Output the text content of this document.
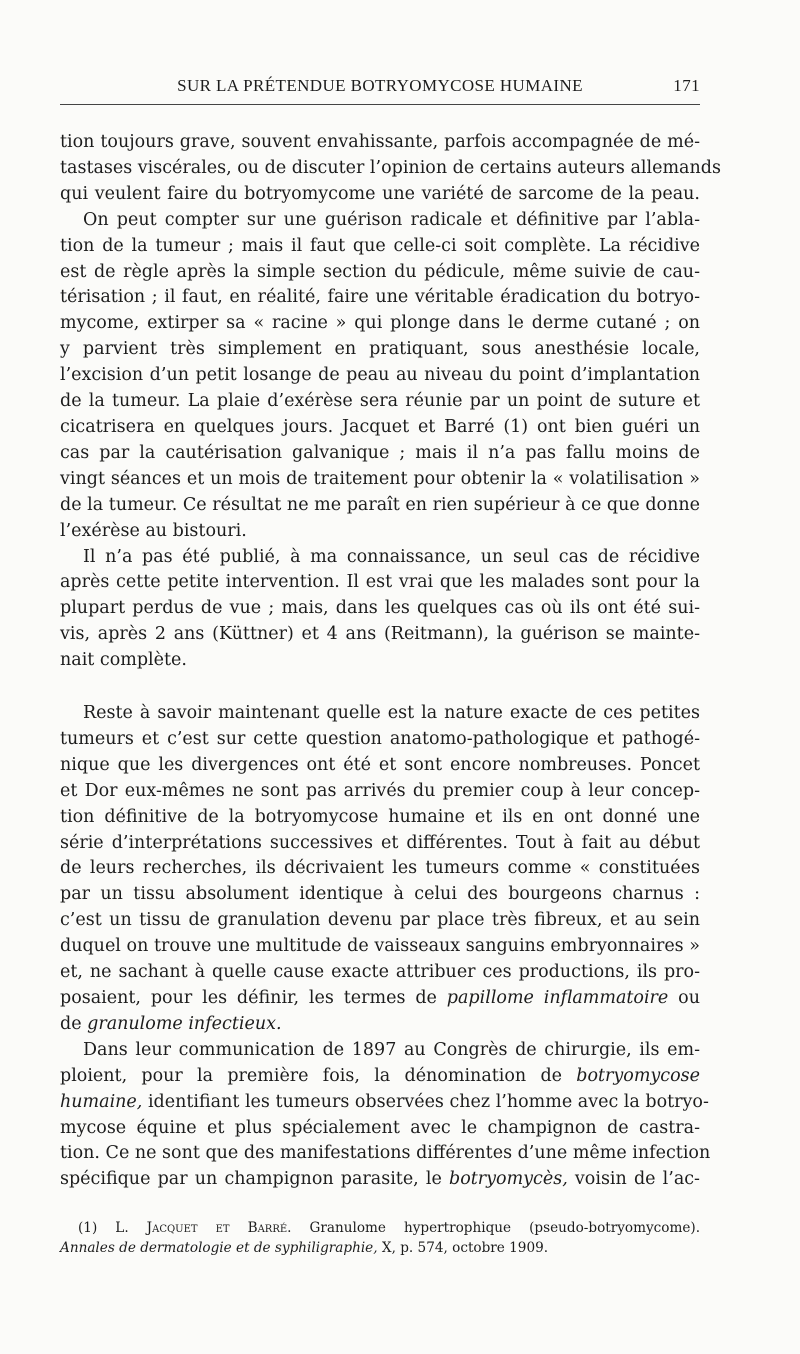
SUR LA PRÉTENDUE BOTRYOMYCOSE HUMAINE	171
tion toujours grave, souvent envahissante, parfois accompagnée de mé-
tastases viscérales, ou de discuter l’opinion de certains auteurs allemands
qui veulent faire du botryomycome une variété de sarcome de la peau.
On peut compter sur une guérison radicale et définitive par l’abla-
tion de la tumeur ; mais il faut que celle-ci soit complète. La récidive
est de règle après la simple section du pédicule, même suivie de cau-
térisation ; il faut, en réalité, faire une véritable éradication du botryo-
mycome, extirper sa « racine » qui plonge dans le derme cutané ; on
y parvient très simplement en pratiquant, sous anesthésie locale,
l’excision d’un petit losange de peau au niveau du point d’implantation
de la tumeur. La plaie d’exérèse sera réunie par un point de suture et
cicatrisera en quelques jours. Jacquet et Barré (1) ont bien guéri un
cas par la cautérisation galvanique ; mais il n’a pas fallu moins de
vingt séances et un mois de traitement pour obtenir la « volatilisation »
de la tumeur. Ce résultat ne me paraît en rien supérieur à ce que donne
l’exérèse au bistouri.
Il n’a pas été publié, à ma connaissance, un seul cas de récidive
après cette petite intervention. Il est vrai que les malades sont pour la
plupart perdus de vue ; mais, dans les quelques cas où ils ont été sui-
vis, après 2 ans (Küttner) et 4 ans (Reitmann), la guérison se mainte-
nait complète.
Reste à savoir maintenant quelle est la nature exacte de ces petites
tumeurs et c’est sur cette question anatomo-pathologique et pathogé-
nique que les divergences ont été et sont encore nombreuses. Poncet
et Dor eux-mêmes ne sont pas arrivés du premier coup à leur concep-
tion définitive de la botryomycose humaine et ils en ont donné une
série d’interprétations successives et différentes. Tout à fait au début
de leurs recherches, ils décrivaient les tumeurs comme « constituées
par un tissu absolument identique à celui des bourgeons charnus :
c’est un tissu de granulation devenu par place très fibreux, et au sein
duquel on trouve une multitude de vaisseaux sanguins embryonnaires »
et, ne sachant à quelle cause exacte attribuer ces productions, ils pro-
posaient, pour les définir, les termes de papillome inflammatoire ou
de granulome infectieux.
Dans leur communication de 1897 au Congrès de chirurgie, ils em-
ploient, pour la première fois, la dénomination de botryomycose
humaine, identifiant les tumeurs observées chez l’homme avec la botryo-
mycose équine et plus spécialement avec le champignon de castra-
tion. Ce ne sont que des manifestations différentes d’une même infection
spécifique par un champignon parasite, le botryomycès, voisin de l’ac-
(1) L. Jacquet et Barré. Granulome hypertrophique (pseudo-botryomycome).
Annales de dermatologie et de syphiligraphie, X, p. 574, octobre 1909.
